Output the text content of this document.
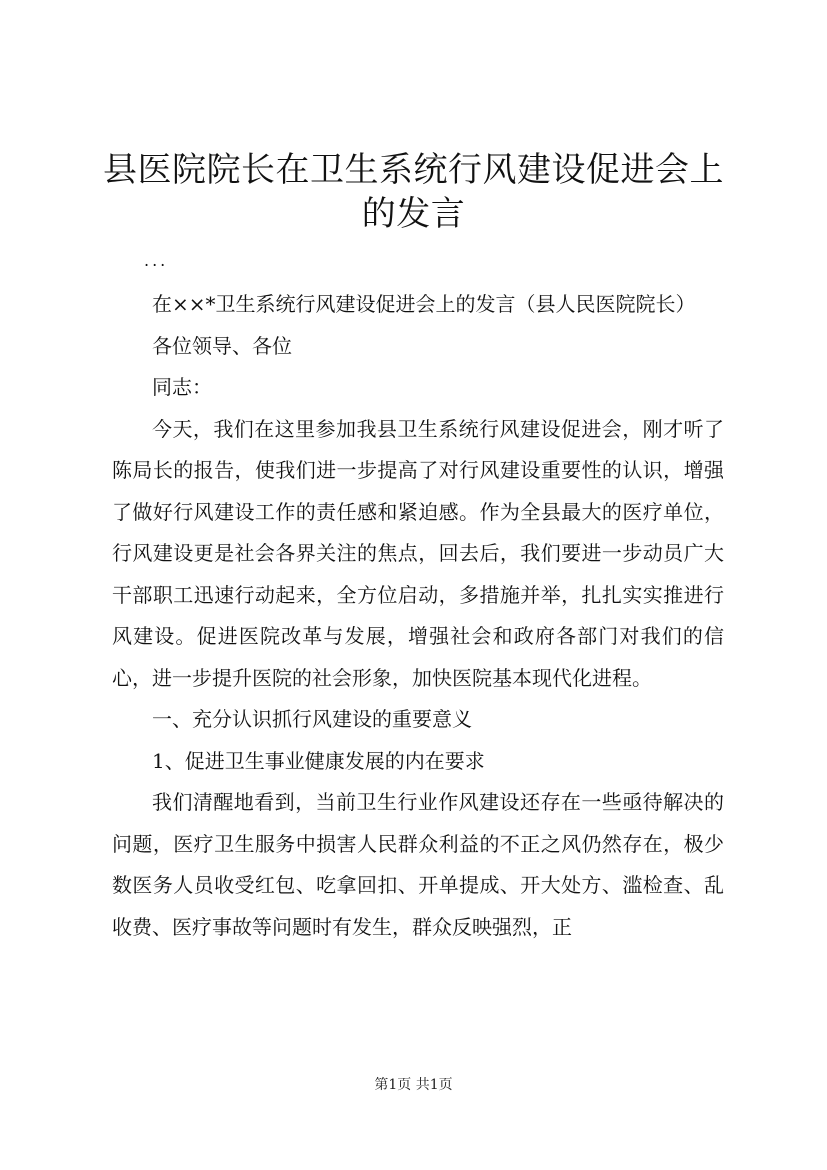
县医院院长在卫生系统行风建设促进会上的发言

...

在××*卫生系统行风建设促进会上的发言（县人民医院院长）

各位领导、各位

同志：

今天，我们在这里参加我县卫生系统行风建设促进会，刚才听了陈局长的报告，使我们进一步提高了对行风建设重要性的认识，增强了做好行风建设工作的责任感和紧迫感。作为全县最大的医疗单位，行风建设更是社会各界关注的焦点，回去后，我们要进一步动员广大干部职工迅速行动起来，全方位启动，多措施并举，扎扎实实推进行风建设。促进医院改革与发展，增强社会和政府各部门对我们的信心，进一步提升医院的社会形象，加快医院基本现代化进程。

一、充分认识抓行风建设的重要意义

1、促进卫生事业健康发展的内在要求

我们清醒地看到，当前卫生行业作风建设还存在一些亟待解决的问题，医疗卫生服务中损害人民群众利益的不正之风仍然存在，极少数医务人员收受红包、吃拿回扣、开单提成、开大处方、滥检查、乱收费、医疗事故等问题时有发生，群众反映强烈，正

第1页 共1页
